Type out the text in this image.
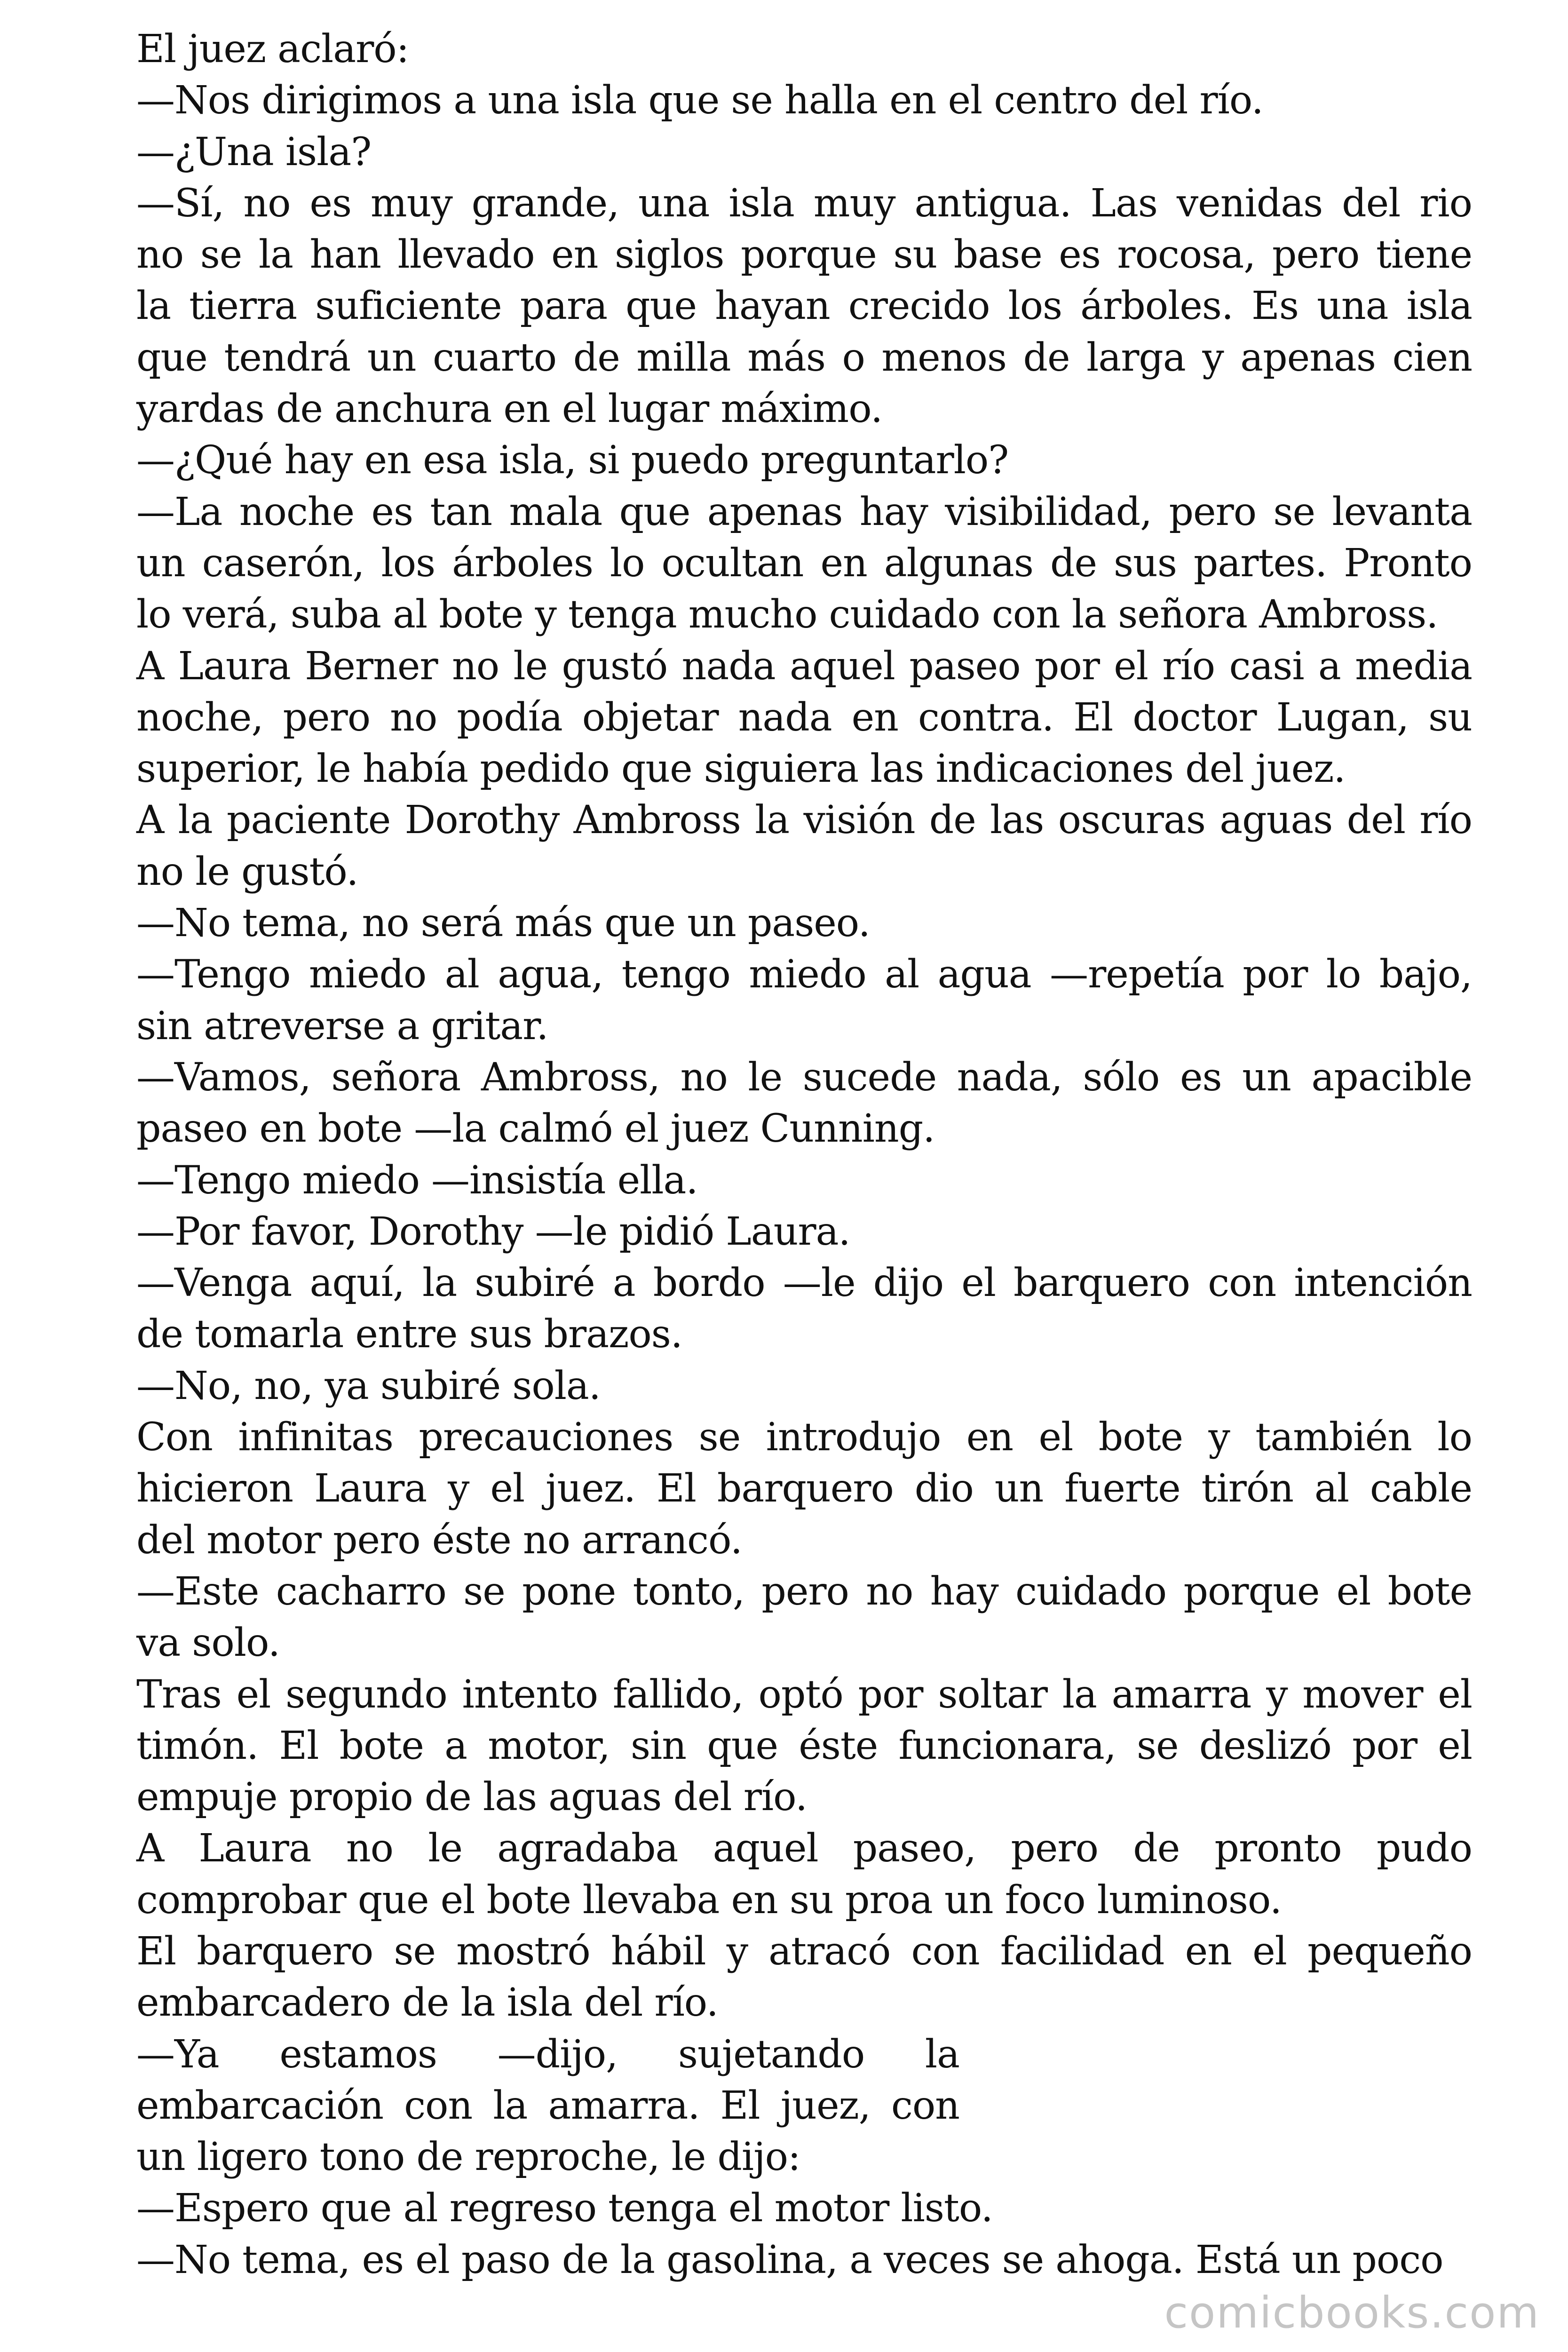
El juez aclaró:
—Nos dirigimos a una isla que se halla en el centro del río.
—¿Una isla?
—Sí, no es muy grande, una isla muy antigua. Las venidas del rio
no se la han llevado en siglos porque su base es rocosa, pero tiene
la tierra suficiente para que hayan crecido los árboles. Es una isla
que tendrá un cuarto de milla más o menos de larga y apenas cien
yardas de anchura en el lugar máximo.
—¿Qué hay en esa isla, si puedo preguntarlo?
—La noche es tan mala que apenas hay visibilidad, pero se levanta
un caserón, los árboles lo ocultan en algunas de sus partes. Pronto
lo verá, suba al bote y tenga mucho cuidado con la señora Ambross.
A Laura Berner no le gustó nada aquel paseo por el río casi a media
noche, pero no podía objetar nada en contra. El doctor Lugan, su
superior, le había pedido que siguiera las indicaciones del juez.
A la paciente Dorothy Ambross la visión de las oscuras aguas del río
no le gustó.
—No tema, no será más que un paseo.
—Tengo miedo al agua, tengo miedo al agua —repetía por lo bajo,
sin atreverse a gritar.
—Vamos, señora Ambross, no le sucede nada, sólo es un apacible
paseo en bote —la calmó el juez Cunning.
—Tengo miedo —insistía ella.
—Por favor, Dorothy —le pidió Laura.
—Venga aquí, la subiré a bordo —le dijo el barquero con intención
de tomarla entre sus brazos.
—No, no, ya subiré sola.
Con infinitas precauciones se introdujo en el bote y también lo
hicieron Laura y el juez. El barquero dio un fuerte tirón al cable
del motor pero éste no arrancó.
—Este cacharro se pone tonto, pero no hay cuidado porque el bote
va solo.
Tras el segundo intento fallido, optó por soltar la amarra y mover el
timón. El bote a motor, sin que éste funcionara, se deslizó por el
empuje propio de las aguas del río.
A Laura no le agradaba aquel paseo, pero de pronto pudo
comprobar que el bote llevaba en su proa un foco luminoso.
El barquero se mostró hábil y atracó con facilidad en el pequeño
embarcadero de la isla del río.
—Ya estamos —dijo, sujetando la
embarcación con la amarra. El juez, con
un ligero tono de reproche, le dijo:
—Espero que al regreso tenga el motor listo.
—No tema, es el paso de la gasolina, a veces se ahoga. Está un poco
comicbooks.com
